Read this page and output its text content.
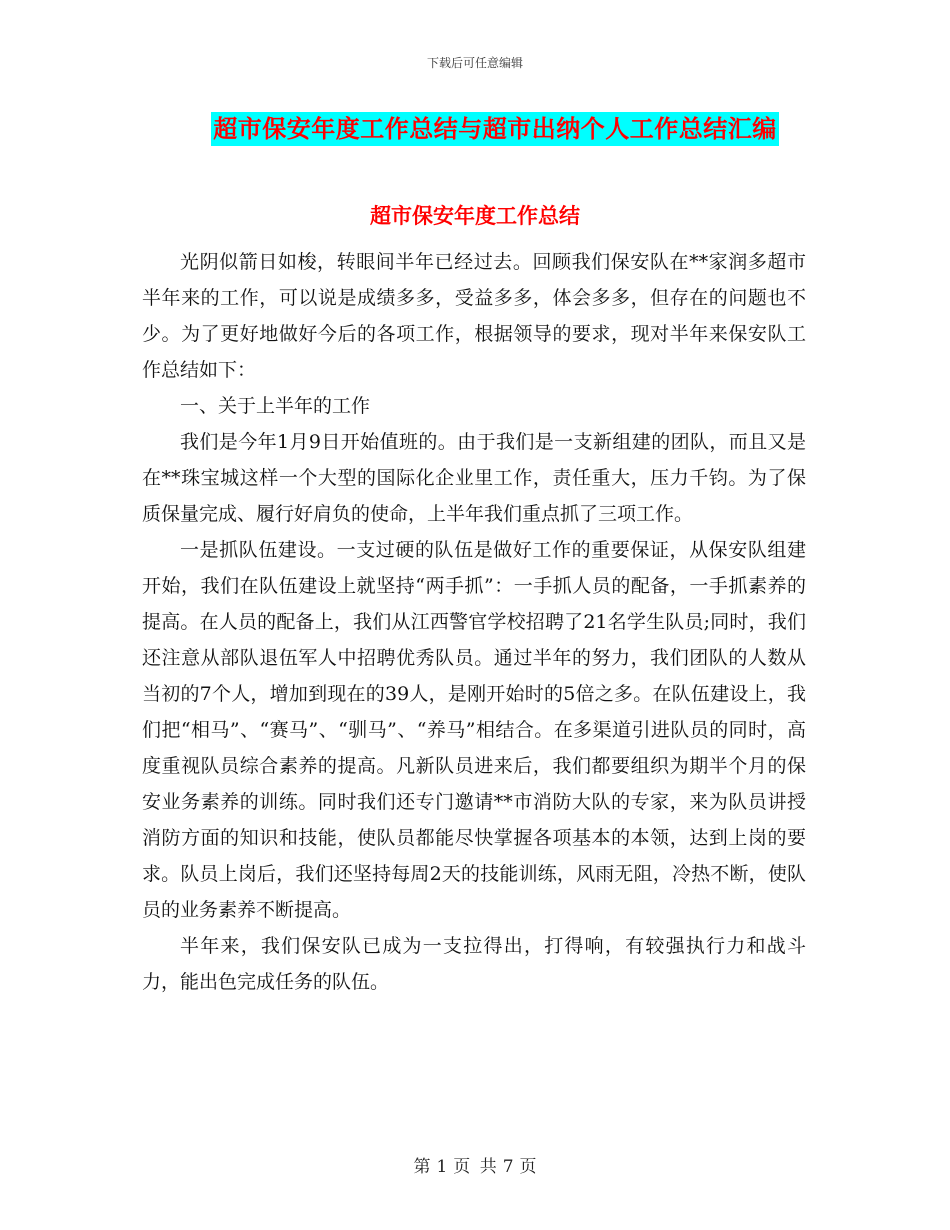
下载后可任意编辑
超市保安年度工作总结与超市出纳个人工作总结汇编
超市保安年度工作总结

光阴似箭日如梭，转眼间半年已经过去。回顾我们保安队在**家润多超市半年来的工作，可以说是成绩多多，受益多多，体会多多，但存在的问题也不少。为了更好地做好今后的各项工作，根据领导的要求，现对半年来保安队工作总结如下：

一、关于上半年的工作

我们是今年1月9日开始值班的。由于我们是一支新组建的团队，而且又是在**珠宝城这样一个大型的国际化企业里工作，责任重大，压力千钧。为了保质保量完成、履行好肩负的使命，上半年我们重点抓了三项工作。

一是抓队伍建设。一支过硬的队伍是做好工作的重要保证，从保安队组建开始，我们在队伍建设上就坚持“两手抓”：一手抓人员的配备，一手抓素养的提高。在人员的配备上，我们从江西警官学校招聘了21名学生队员;同时，我们还注意从部队退伍军人中招聘优秀队员。通过半年的努力，我们团队的人数从当初的7个人，增加到现在的39人，是刚开始时的5倍之多。在队伍建设上，我们把“相马”、“赛马”、“驯马”、“养马”相结合。在多渠道引进队员的同时，高度重视队员综合素养的提高。凡新队员进来后，我们都要组织为期半个月的保安业务素养的训练。同时我们还专门邀请**市消防大队的专家，来为队员讲授消防方面的知识和技能，使队员都能尽快掌握各项基本的本领，达到上岗的要求。队员上岗后，我们还坚持每周2天的技能训练，风雨无阻，冷热不断，使队员的业务素养不断提高。

半年来，我们保安队已成为一支拉得出，打得响，有较强执行力和战斗力，能出色完成任务的队伍。

第 1 页 共 7 页
